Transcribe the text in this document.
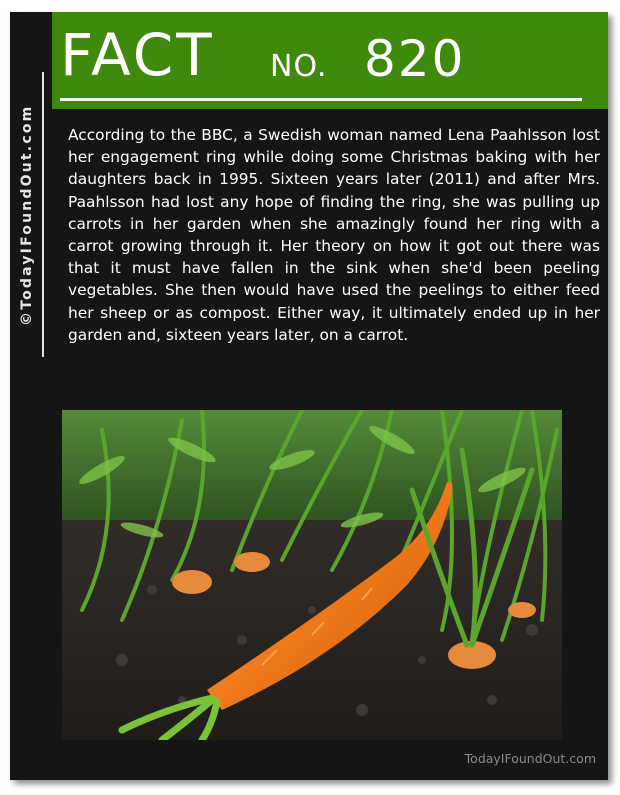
©TodayIFoundOut.com
FACT NO. 820
According to the BBC, a Swedish woman named Lena Paahlsson lost her engagement ring while doing some Christmas baking with her daughters back in 1995. Sixteen years later (2011) and after Mrs. Paahlsson had lost any hope of finding the ring, she was pulling up carrots in her garden when she amazingly found her ring with a carrot growing through it. Her theory on how it got out there was that it must have fallen in the sink when she'd been peeling vegetables. She then would have used the peelings to either feed her sheep or as compost. Either way, it ultimately ended up in her garden and, sixteen years later, on a carrot.
TodayIFoundOut.com
